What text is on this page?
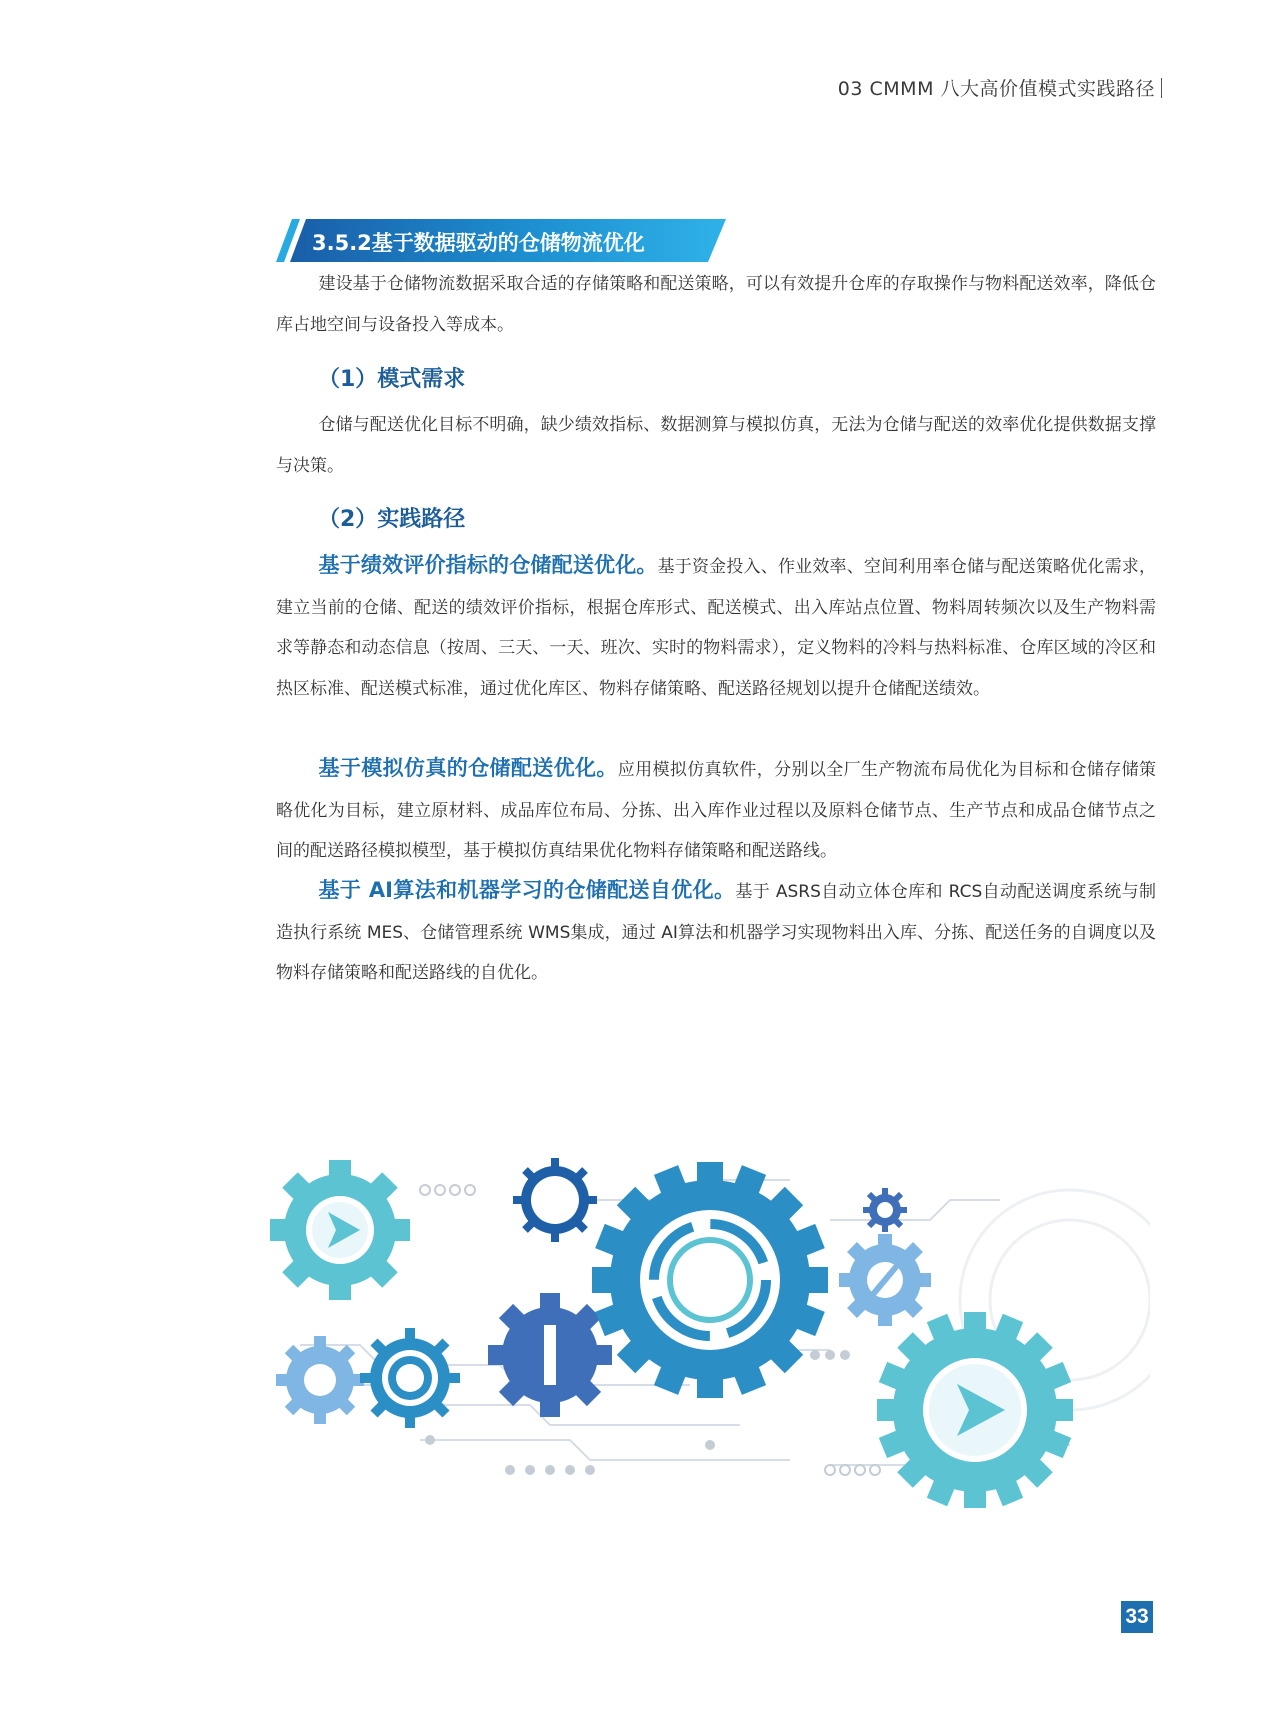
03 CMMM 八大高价值模式实践路径
3.5.2基于数据驱动的仓储物流优化

建设基于仓储物流数据采取合适的存储策略和配送策略，可以有效提升仓库的存取操作与物料配送效率，降低仓库占地空间与设备投入等成本。

（1）模式需求

仓储与配送优化目标不明确，缺少绩效指标、数据测算与模拟仿真，无法为仓储与配送的效率优化提供数据支撑与决策。

（2）实践路径

基于绩效评价指标的仓储配送优化。基于资金投入、作业效率、空间利用率仓储与配送策略优化需求，建立当前的仓储、配送的绩效评价指标，根据仓库形式、配送模式、出入库站点位置、物料周转频次以及生产物料需求等静态和动态信息（按周、三天、一天、班次、实时的物料需求），定义物料的冷料与热料标准、仓库区域的冷区和热区标准、配送模式标准，通过优化库区、物料存储策略、配送路径规划以提升仓储配送绩效。

基于模拟仿真的仓储配送优化。应用模拟仿真软件，分别以全厂生产物流布局优化为目标和仓储存储策略优化为目标，建立原材料、成品库位布局、分拣、出入库作业过程以及原料仓储节点、生产节点和成品仓储节点之间的配送路径模拟模型，基于模拟仿真结果优化物料存储策略和配送路线。

基于 AI算法和机器学习的仓储配送自优化。基于 ASRS自动立体仓库和 RCS自动配送调度系统与制造执行系统 MES、仓储管理系统 WMS集成，通过 AI算法和机器学习实现物料出入库、分拣、配送任务的自调度以及物料存储策略和配送路线的自优化。

33
